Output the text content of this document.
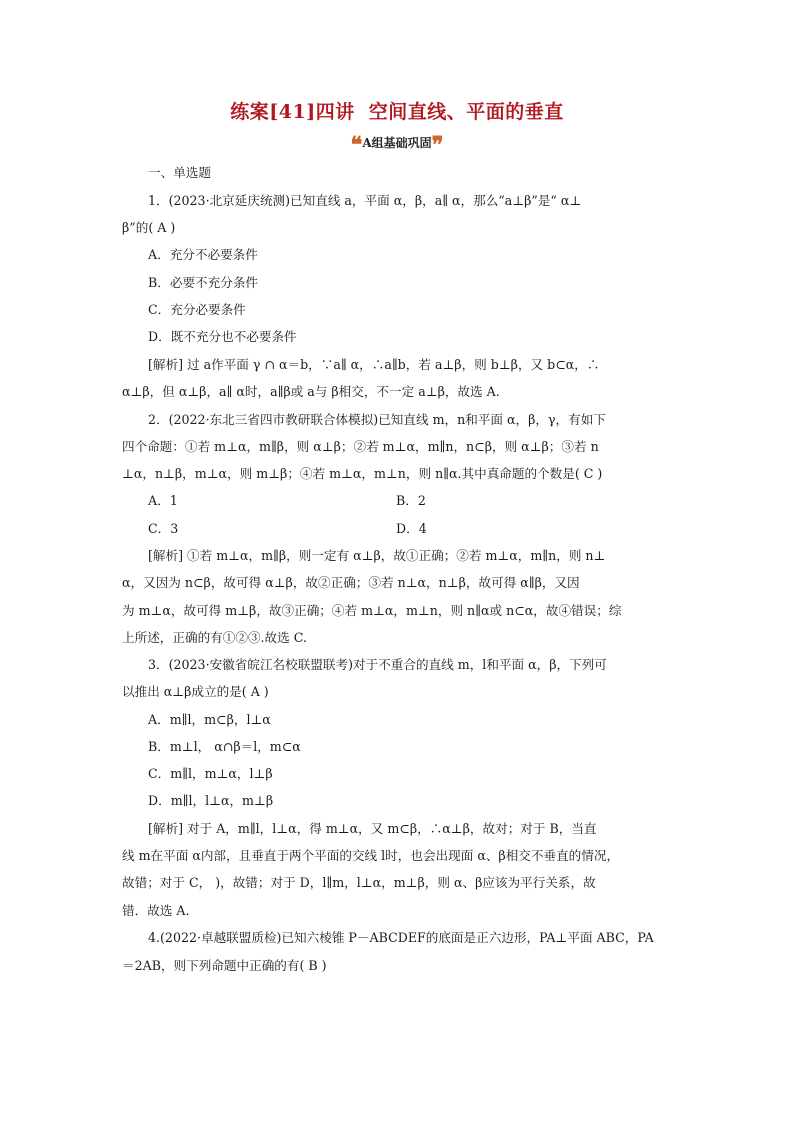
练案[41]四讲 空间直线、平面的垂直
❝A组基础巩固❞
一、单选题
1．(2023·北京延庆统测)已知直线 a，平面 α，β，a∥ α，那么“a⊥β”是“ α⊥
β”的( A )
A．充分不必要条件
B．必要不充分条件
C．充分必要条件
D．既不充分也不必要条件
[解析] 过 a作平面 γ ∩ α＝b，∵a∥ α，∴a∥b，若 a⊥β，则 b⊥β，又 b⊂α，∴
α⊥β，但 α⊥β，a∥ α时，a∥β或 a与 β相交，不一定 a⊥β，故选 A.
2．(2022·东北三省四市教研联合体模拟)已知直线 m，n和平面 α，β，γ，有如下
四个命题：①若 m⊥α，m∥β，则 α⊥β；②若 m⊥α，m∥n，n⊂β，则 α⊥β；③若 n
⊥α，n⊥β，m⊥α，则 m⊥β；④若 m⊥α，m⊥n，则 n∥α.其中真命题的个数是( C )
A．1	B．2
C．3	D．4
[解析] ①若 m⊥α，m∥β，则一定有 α⊥β，故①正确；②若 m⊥α，m∥n，则 n⊥
α，又因为 n⊂β，故可得 α⊥β，故②正确；③若 n⊥α，n⊥β，故可得 α∥β，又因
为 m⊥α，故可得 m⊥β，故③正确；④若 m⊥α，m⊥n，则 n∥α或 n⊂α，故④错误；综
上所述，正确的有①②③.故选 C.
3．(2023·安徽省皖江名校联盟联考)对于不重合的直线 m，l和平面 α，β，下列可
以推出 α⊥β成立的是( A )
A．m∥l，m⊂β，l⊥α
B．m⊥l， α∩β＝l，m⊂α
C．m∥l，m⊥α，l⊥β
D．m∥l，l⊥α，m⊥β
[解析] 对于 A，m∥l，l⊥α，得 m⊥α，又 m⊂β，∴α⊥β，故对；对于 B，当直
线 m在平面 α内部，且垂直于两个平面的交线 l时，也会出现面 α、β相交不垂直的情况，
故错；对于 C， )，故错；对于 D，l∥m，l⊥α，m⊥β，则 α、β应该为平行关系，故
错．故选 A.
4.(2022·卓越联盟质检)已知六棱锥 P－ABCDEF的底面是正六边形，PA⊥平面 ABC，PA
＝2AB，则下列命题中正确的有( B )
